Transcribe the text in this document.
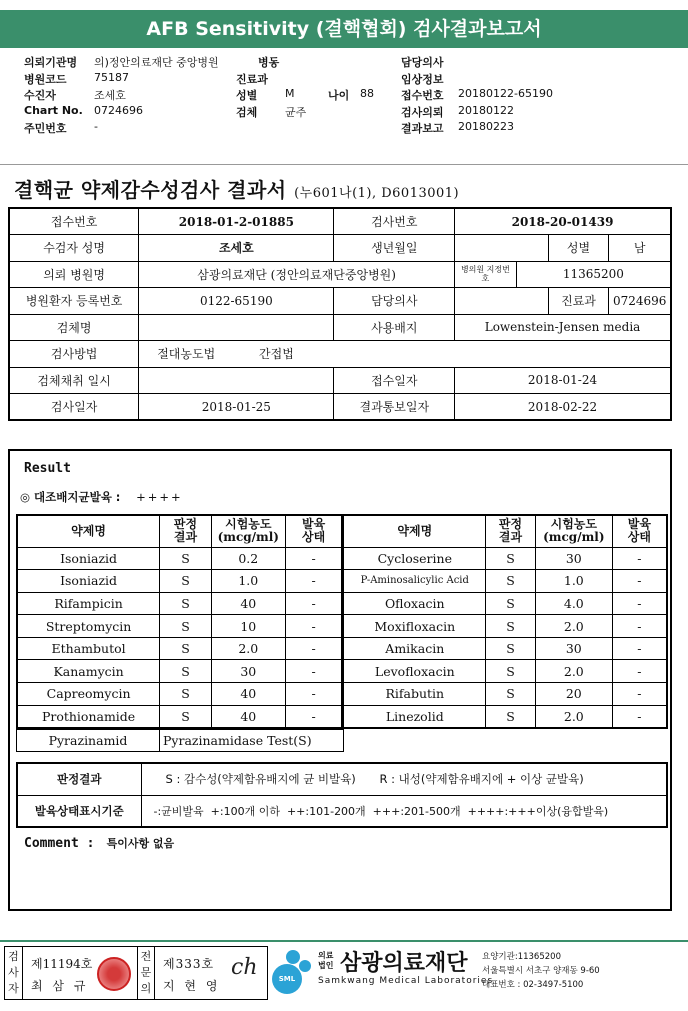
AFB Sensitivity (결핵협회) 검사결과보고서
의뢰기관명 의)정안의료재단 중앙병원	병동	담당의사
병원코드 75187	진료과	임상정보
수진자	조세호	성별	M	나이 88 접수번호 20180122-65190
Chart No. 0724696	검체	균주	검사의뢰 20180122
주민번호 -	결과보고 20180223
결핵균 약제감수성검사 결과서 (누601나(1), D6013001)
접수번호	2018-01-2-01885	검사번호	2018-20-01439			
수검자 성명	조세호	생년월일			성별	남
의뢰 병원명	삼광의료재단 (정안의료재단중앙병원)		병의원 지정번호	11365200		
병원환자 등록번호	0122-65190	담당의사			진료과	0724696
검체명		사용배지	Lowenstein-Jensen media			
검사방법	절대농도법 간접법					
검체채취 일시		접수일자	2018-01-24			
검사일자	2018-01-25	결과통보일자	2018-02-22			
Result
◎ 대조배지균발육 : ++++
약제명	판정
결과	시험농도
(mcg/ml)	발육
상태	약제명	판정
결과	시험농도
(mcg/ml)	발육
상태
Isoniazid	S	0.2	-	Cycloserine	S	30	-
Isoniazid	S	1.0	-	P-Aminosalicylic Acid	S	1.0	-
Rifampicin	S	40	-	Ofloxacin	S	4.0	-
Streptomycin	S	10	-	Moxifloxacin	S	2.0	-
Ethambutol	S	2.0	-	Amikacin	S	30	-
Kanamycin	S	30	-	Levofloxacin	S	2.0	-
Capreomycin	S	40	-	Rifabutin	S	20	-
Prothionamide	S	40	-	Linezolid	S	2.0	-
Pyrazinamid	Pyrazinamidase Test(S)
판정결과	S : 감수성(약제함유배지에 균 비발육) R : 내성(약제함유배지에 + 이상 균발육)
발육상태표시기준	-:균비발육  +:100개 이하  ++:101-200개  +++:201-500개  ++++:+++이상(융합발육)
Comment : 특이사항 없음
검사자
제11194호
최 삼 규
전문의
제333호
지 현 영
ch	SML
의료법인 삼광의료재단
Samkwang Medical Laboratories
요양기관:11365200
서울특별시 서초구 양재동 9-60
대표번호 : 02-3497-5100
